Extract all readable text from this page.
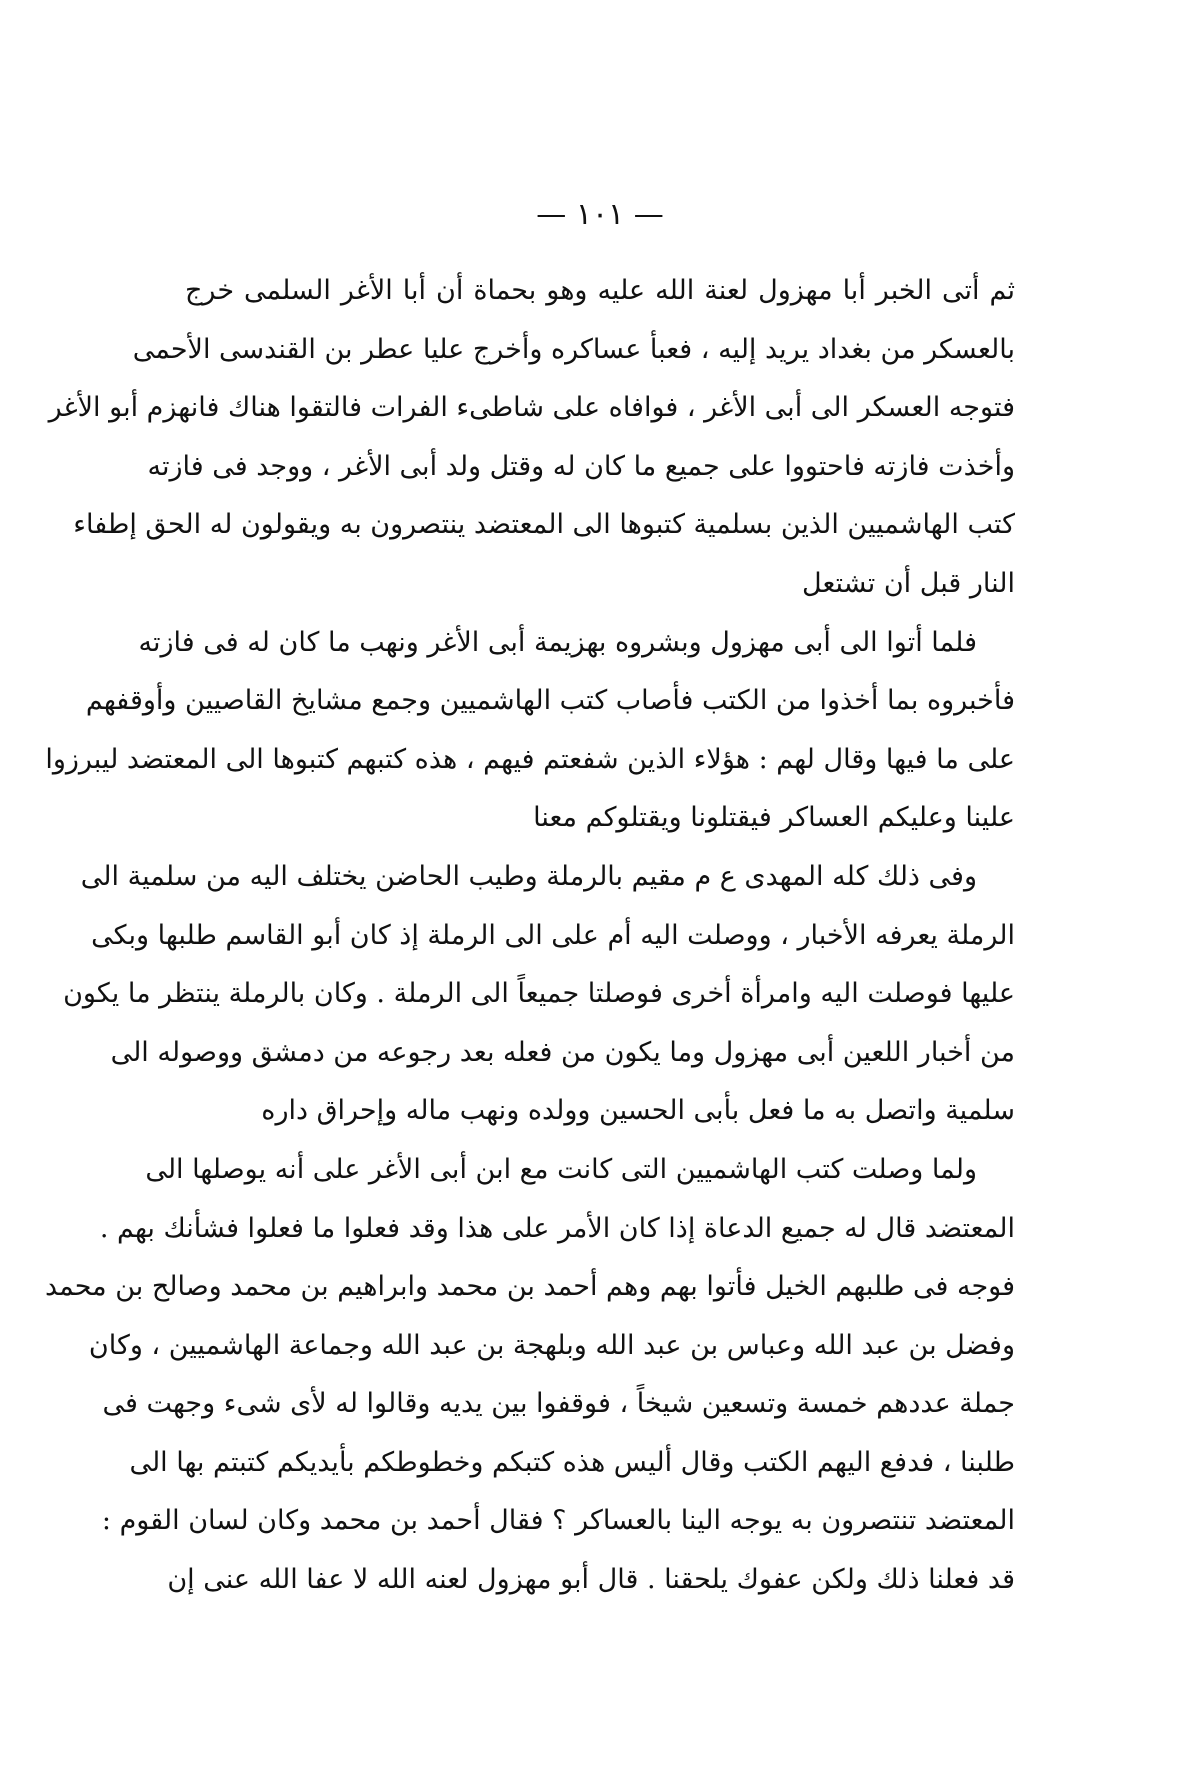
— ١٠١ —
ثم أتى الخبر أبا مهزول لعنة الله عليه وهو بحماة أن أبا الأغر السلمى خرج
بالعسكر من بغداد يريد إليه ، فعبأ عساكره وأخرج عليا عطر بن القندسى الأحمى
فتوجه العسكر الى أبى الأغر ، فوافاه على شاطىء الفرات فالتقوا هناك فانهزم أبو الأغر
وأخذت فازته فاحتووا على جميع ما كان له وقتل ولد أبى الأغر ، ووجد فى فازته
كتب الهاشميين الذين بسلمية كتبوها الى المعتضد ينتصرون به ويقولون له الحق إطفاء
النار قبل أن تشتعل
فلما أتوا الى أبى مهزول وبشروه بهزيمة أبى الأغر ونهب ما كان له فى فازته
فأخبروه بما أخذوا من الكتب فأصاب كتب الهاشميين وجمع مشايخ القاصيين وأوقفهم
على ما فيها وقال لهم : هؤلاء الذين شفعتم فيهم ، هذه كتبهم كتبوها الى المعتضد ليبرزوا
علينا وعليكم العساكر فيقتلونا ويقتلوكم معنا
وفى ذلك كله المهدى ع م مقيم بالرملة وطيب الحاضن يختلف اليه من سلمية الى
الرملة يعرفه الأخبار ، ووصلت اليه أم على الى الرملة إذ كان أبو القاسم طلبها وبكى
عليها فوصلت اليه وامرأة أخرى فوصلتا جميعاً الى الرملة . وكان بالرملة ينتظر ما يكون
من أخبار اللعين أبى مهزول وما يكون من فعله بعد رجوعه من دمشق ووصوله الى
سلمية واتصل به ما فعل بأبى الحسين وولده ونهب ماله وإحراق داره
ولما وصلت كتب الهاشميين التى كانت مع ابن أبى الأغر على أنه يوصلها الى
المعتضد قال له جميع الدعاة إذا كان الأمر على هذا وقد فعلوا ما فعلوا فشأنك بهم .
فوجه فى طلبهم الخيل فأتوا بهم وهم أحمد بن محمد وابراهيم بن محمد وصالح بن محمد
وفضل بن عبد الله وعباس بن عبد الله وبلهجة بن عبد الله وجماعة الهاشميين ، وكان
جملة عددهم خمسة وتسعين شيخاً ، فوقفوا بين يديه وقالوا له لأى شىء وجهت فى
طلبنا ، فدفع اليهم الكتب وقال أليس هذه كتبكم وخطوطكم بأيديكم كتبتم بها الى
المعتضد تنتصرون به يوجه الينا بالعساكر ؟ فقال أحمد بن محمد وكان لسان القوم :
قد فعلنا ذلك ولكن عفوك يلحقنا . قال أبو مهزول لعنه الله لا عفا الله عنى إن
